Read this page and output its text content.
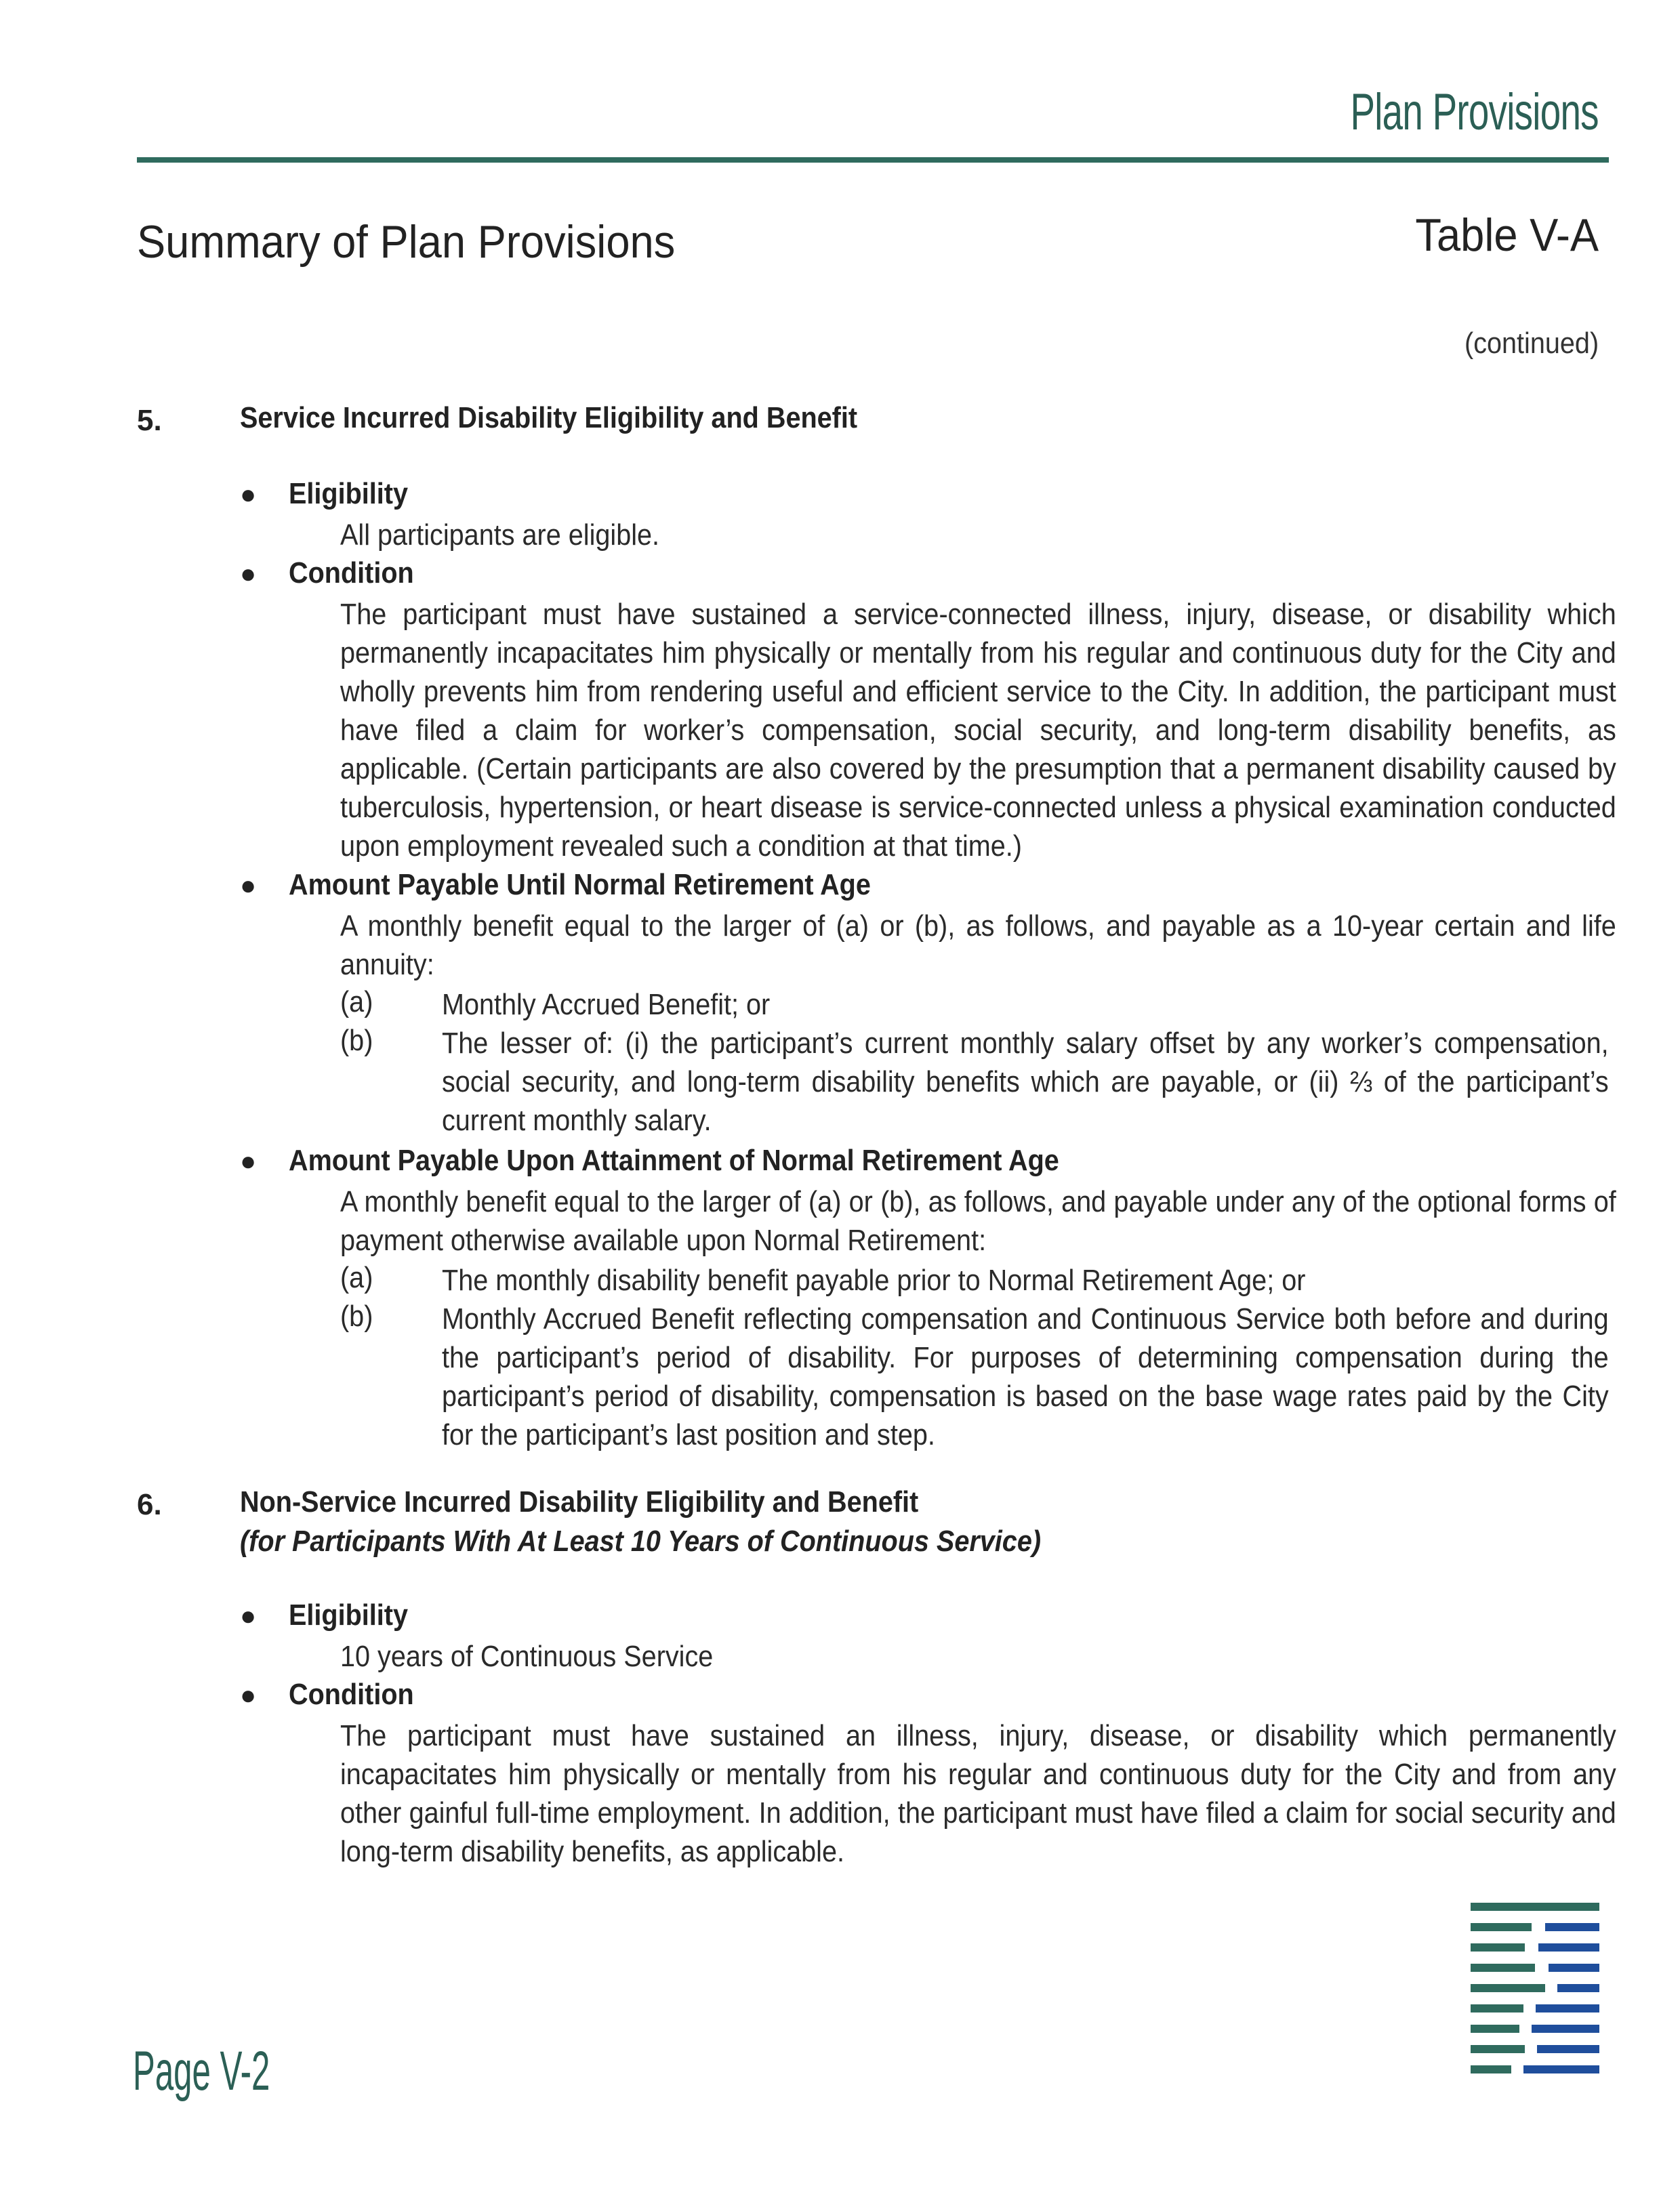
Plan Provisions
Summary of Plan Provisions	Table V-A
(continued)
5.	Service Incurred Disability Eligibility and Benefit
● Eligibility
All participants are eligible.
● Condition
The participant must have sustained a service-connected illness, injury, disease, or disability which permanently incapacitates him physically or mentally from his regular and continuous duty for the City and wholly prevents him from rendering useful and efficient service to the City. In addition, the participant must have filed a claim for worker’s compensation, social security, and long-term disability benefits, as applicable. (Certain participants are also covered by the presumption that a permanent disability caused by tuberculosis, hypertension, or heart disease is service-connected unless a physical examination conducted upon employment revealed such a condition at that time.)
● Amount Payable Until Normal Retirement Age
A monthly benefit equal to the larger of (a) or (b), as follows, and payable as a 10-year certain and life annuity:
(a) Monthly Accrued Benefit; or
(b) The lesser of: (i) the participant’s current monthly salary offset by any worker’s compensation, social security, and long-term disability benefits which are payable, or (ii) ⅔ of the participant’s current monthly salary.
● Amount Payable Upon Attainment of Normal Retirement Age
A monthly benefit equal to the larger of (a) or (b), as follows, and payable under any of the optional forms of payment otherwise available upon Normal Retirement:
(a) The monthly disability benefit payable prior to Normal Retirement Age; or
(b) Monthly Accrued Benefit reflecting compensation and Continuous Service both before and during the participant’s period of disability. For purposes of determining compensation during the participant’s period of disability, compensation is based on the base wage rates paid by the City for the participant’s last position and step.
6.	Non-Service Incurred Disability Eligibility and Benefit
(for Participants With At Least 10 Years of Continuous Service)
● Eligibility
10 years of Continuous Service
● Condition
The participant must have sustained an illness, injury, disease, or disability which permanently incapacitates him physically or mentally from his regular and continuous duty for the City and from any other gainful full-time employment. In addition, the participant must have filed a claim for social security and long-term disability benefits, as applicable.
Page V-2
